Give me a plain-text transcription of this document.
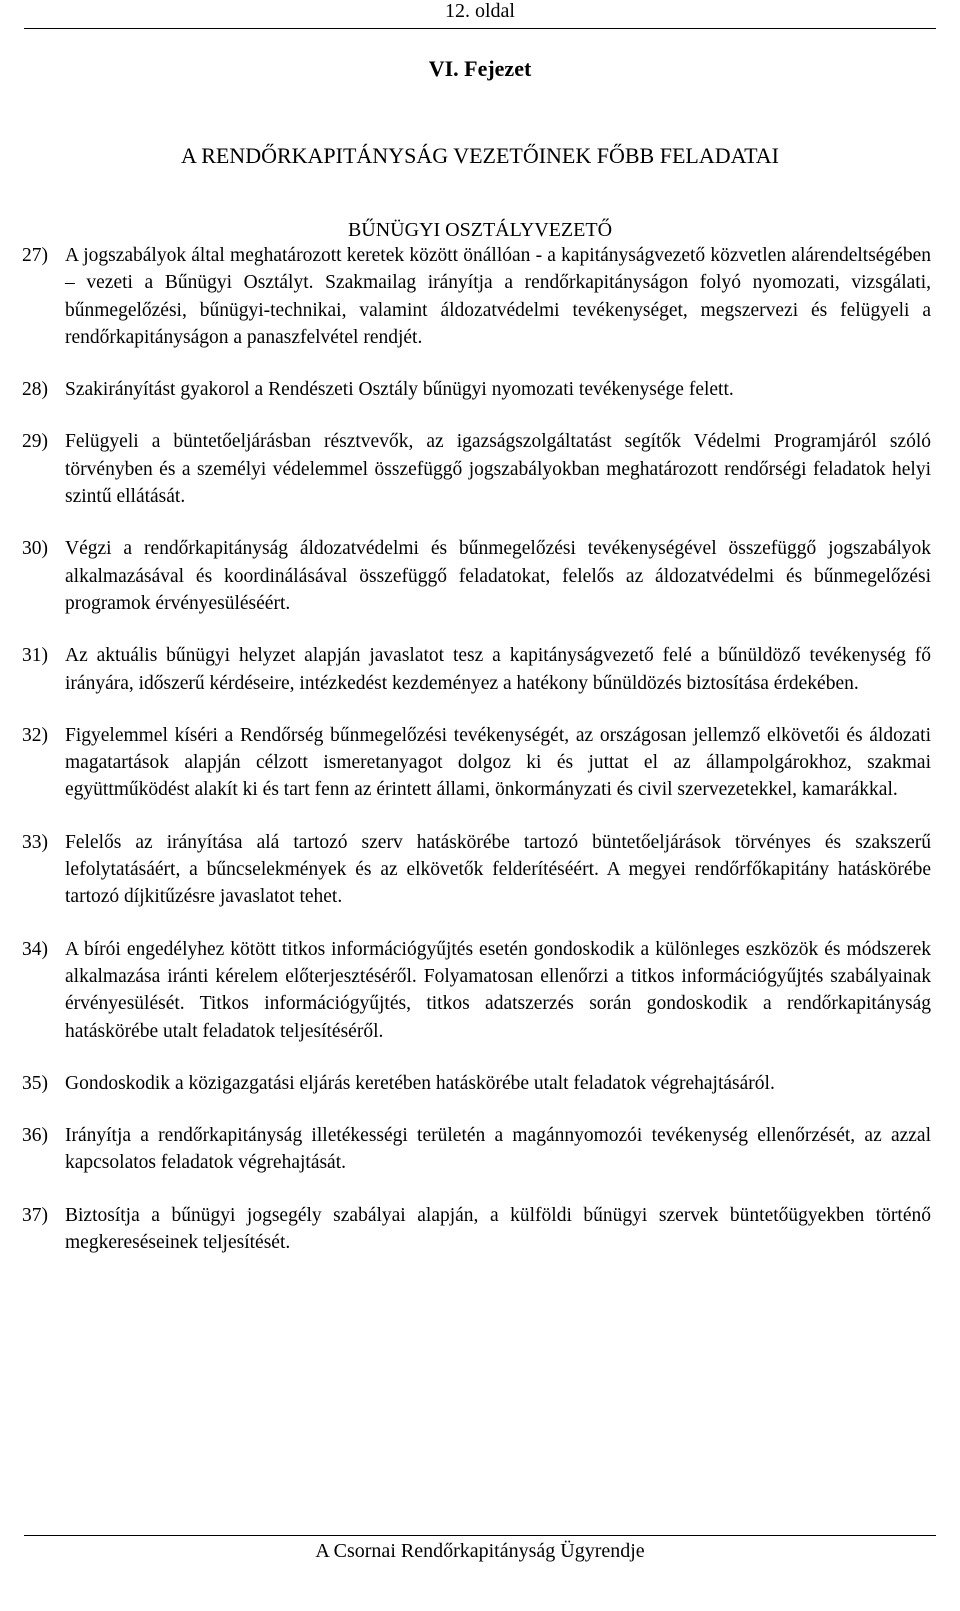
12. oldal
VI. Fejezet
A RENDŐRKAPITÁNYSÁG VEZETŐINEK FŐBB FELADATAI
BŰNÜGYI OSZTÁLYVEZETŐ
27) A jogszabályok által meghatározott keretek között önállóan - a kapitányságvezető közvetlen alárendeltségében – vezeti a Bűnügyi Osztályt. Szakmailag irányítja a rendőrkapitányságon folyó nyomozati, vizsgálati, bűnmegelőzési, bűnügyi-technikai, valamint áldozatvédelmi tevékenységet, megszervezi és felügyeli a rendőrkapitányságon a panaszfelvétel rendjét.
28) Szakirányítást gyakorol a Rendészeti Osztály bűnügyi nyomozati tevékenysége felett.
29) Felügyeli a büntetőeljárásban résztvevők, az igazságszolgáltatást segítők Védelmi Programjáról szóló törvényben és a személyi védelemmel összefüggő jogszabályokban meghatározott rendőrségi feladatok helyi szintű ellátását.
30) Végzi a rendőrkapitányság áldozatvédelmi és bűnmegelőzési tevékenységével összefüggő jogszabályok alkalmazásával és koordinálásával összefüggő feladatokat, felelős az áldozatvédelmi és bűnmegelőzési programok érvényesüléséért.
31) Az aktuális bűnügyi helyzet alapján javaslatot tesz a kapitányságvezető felé a bűnüldöző tevékenység fő irányára, időszerű kérdéseire, intézkedést kezdeményez a hatékony bűnüldözés biztosítása érdekében.
32) Figyelemmel kíséri a Rendőrség bűnmegelőzési tevékenységét, az országosan jellemző elkövetői és áldozati magatartások alapján célzott ismeretanyagot dolgoz ki és juttat el az állampolgárokhoz, szakmai együttműködést alakít ki és tart fenn az érintett állami, önkormányzati és civil szervezetekkel, kamarákkal.
33) Felelős az irányítása alá tartozó szerv hatáskörébe tartozó büntetőeljárások törvényes és szakszerű lefolytatásáért, a bűncselekmények és az elkövetők felderítéséért. A megyei rendőrfőkapitány hatáskörébe tartozó díjkitűzésre javaslatot tehet.
34) A bírói engedélyhez kötött titkos információgyűjtés esetén gondoskodik a különleges eszközök és módszerek alkalmazása iránti kérelem előterjesztéséről. Folyamatosan ellenőrzi a titkos információgyűjtés szabályainak érvényesülését. Titkos információgyűjtés, titkos adatszerzés során gondoskodik a rendőrkapitányság hatáskörébe utalt feladatok teljesítéséről.
35) Gondoskodik a közigazgatási eljárás keretében hatáskörébe utalt feladatok végrehajtásáról.
36) Irányítja a rendőrkapitányság illetékességi területén a magánnyomozói tevékenység ellenőrzését, az azzal kapcsolatos feladatok végrehajtását.
37) Biztosítja a bűnügyi jogsegély szabályai alapján, a külföldi bűnügyi szervek büntetőügyekben történő megkereséseinek teljesítését.
A Csornai Rendőrkapitányság Ügyrendje
